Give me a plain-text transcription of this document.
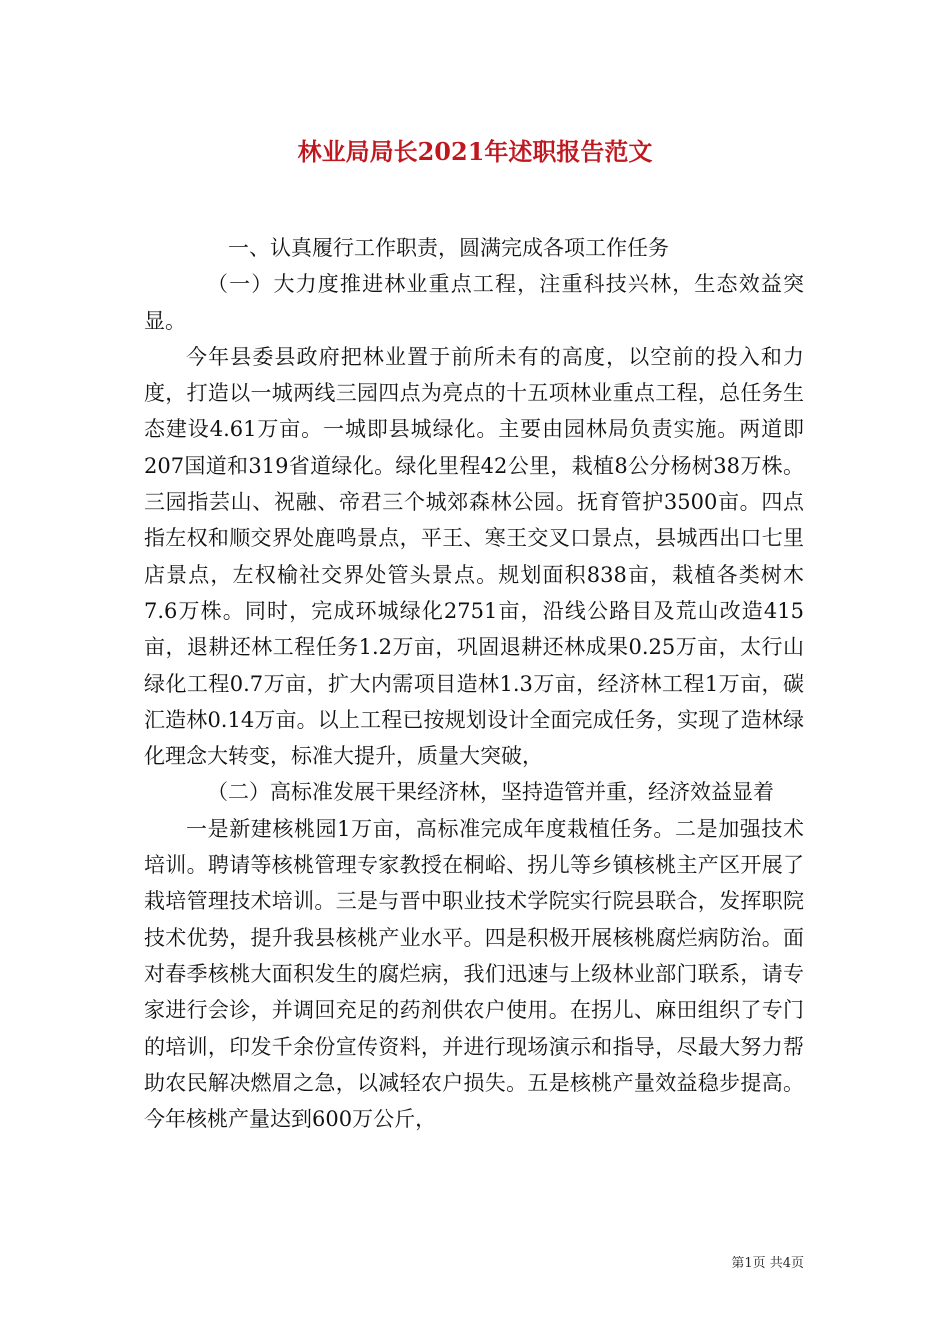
林业局局长2021年述职报告范文

一、认真履行工作职责，圆满完成各项工作任务

（一）大力度推进林业重点工程，注重科技兴林，生态效益突显。

今年县委县政府把林业置于前所未有的高度，以空前的投入和力度，打造以一城两线三园四点为亮点的十五项林业重点工程，总任务生态建设4.61万亩。一城即县城绿化。主要由园林局负责实施。两道即207国道和319省道绿化。绿化里程42公里，栽植8公分杨树38万株。三园指芸山、祝融、帝君三个城郊森林公园。抚育管护3500亩。四点指左权和顺交界处鹿鸣景点，平王、寒王交叉口景点，县城西出口七里店景点，左权榆社交界处管头景点。规划面积838亩，栽植各类树木7.6万株。同时，完成环城绿化2751亩，沿线公路目及荒山改造415亩，退耕还林工程任务1.2万亩，巩固退耕还林成果0.25万亩，太行山绿化工程0.7万亩，扩大内需项目造林1.3万亩，经济林工程1万亩，碳汇造林0.14万亩。以上工程已按规划设计全面完成任务，实现了造林绿化理念大转变，标准大提升，质量大突破，

（二）高标准发展干果经济林，坚持造管并重，经济效益显着

一是新建核桃园1万亩，高标准完成年度栽植任务。二是加强技术培训。聘请等核桃管理专家教授在桐峪、拐儿等乡镇核桃主产区开展了栽培管理技术培训。三是与晋中职业技术学院实行院县联合，发挥职院技术优势，提升我县核桃产业水平。四是积极开展核桃腐烂病防治。面对春季核桃大面积发生的腐烂病，我们迅速与上级林业部门联系，请专家进行会诊，并调回充足的药剂供农户使用。在拐儿、麻田组织了专门的培训，印发千余份宣传资料，并进行现场演示和指导，尽最大努力帮助农民解决燃眉之急，以减轻农户损失。五是核桃产量效益稳步提高。今年核桃产量达到600万公斤，

第1页 共4页
